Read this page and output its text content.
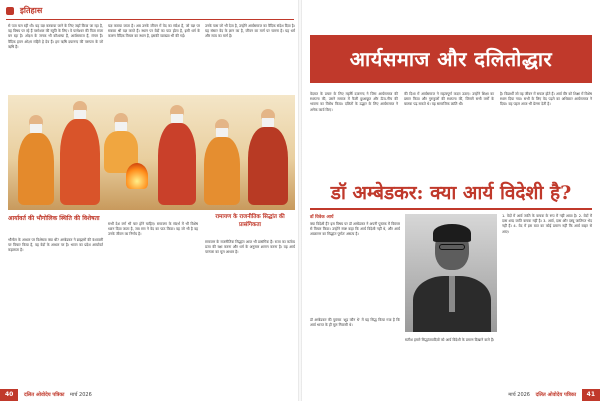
इतिहास

से पता चल रही थी। यह यज्ञ करवाया जाने के लिए जहाँ किया जा रहा है, वह विषय पर रहे हैं परमेश्वर की स्तुति के लिए। वे परमेश्वर की पिता राजा बन रहा है। ओ३म के जनक भी कौशल्या हैं, आर्यसमाज हैं, मंगल हैं। वैदिक हवन ओ३म महिमे हे देव हैं। हम ऋषि दयानन्द की परम्परा के जो ऋषि हैं।

यज्ञ कराया जाता है। अब उनके जीवन में वेद का संदेश है, जो यज्ञ पर सबका श्री यज्ञ करते हैं। स्थान पर वेदों का पाठ होता है, इसी धर्म के कारण वैदिक विचार का स्थान है, इसकी व्याख्या भी की गई।

उनके पास जो भी देता है, उन्होंने आर्यसमाज का वैदिक संदेश दिया है। यह संसार वेद के ज्ञान का है, जीवन का मार्ग पर चलना है। यह धर्म और सत्य का मार्ग है।

आर्यावर्त की भौगोलिक स्थिति की विशेषता

भौगोल के आधार पर विशेषता क्या थी? अम्बेडकर ने ब्राह्मणों की वंशावली पर विचार किया है, वह वेदों के आधार पर है। भारत का प्रदेश आर्यावर्त कहलाता है।

सभी देश वर्ण भी चार होने चाहिए। रामायण के संदर्भ में भी विशेष ध्यान दिया जाता है, जब राम ने वेद का पाठ किया। वह जो भी है वह उनके जीवन का निर्णय है।

रामायण के राजनीतिक सिद्धांत की प्रासंगिकता

रामायण के राजनीतिक सिद्धांत आज भी प्रासंगिक हैं। राजा का कर्तव्य प्रजा की रक्षा करना और धर्म के अनुसार शासन करना है। यह आर्य परम्परा का मूल आधार है।

आर्यसमाज और दलितोद्धार

वेदमत के प्रचार के लिए महर्षि दयानन्द ने जिस आर्यसमाज की स्थापना की, उसने समाज में फैली छुआछूत और ऊँच-नीच की भावना का विरोध किया। दलितों के उद्धार के लिए आर्यसमाज ने अनेक कार्य किए।

की दिशा में आर्यसमाज ने महत्वपूर्ण कदम उठाए। उन्होंने शिक्षा का प्रसार किया और गुरुकुलों की स्थापना की, जिसमें सभी वर्णों के बालक पढ़ सकते थे। यह सामाजिक क्रांति थी।

है। विद्यार्थी जो वह जीवन में सफल होते हैं। आर्य वीर को शिक्षा में विशेष स्थान दिया गया। सभी के लिए वेद पढ़ने का अधिकार आर्यसमाज ने दिया। यह पहल आज भी प्रेरणा देती है।

डॉ अम्बेडकर: क्या आर्य विदेशी है?
डॉ विवेक आर्य

क्या विदेशी हैं? इस विषय पर डॉ अम्बेडकर ने अपनी पुस्तक में विस्तार से विचार किया। उन्होंने स्पष्ट कहा कि आर्य विदेशी नहीं थे, और आर्य आक्रमण का सिद्धांत पूर्णतः असत्य है।

डॉ अम्बेडकर की पुस्तक 'शूद्र कौन थे' में यह सिद्ध किया गया है कि आर्य भारत के ही मूल निवासी थे।

सतीश हमारे सिद्धांतवादियों को आर्य विदेशी के प्रमाण दिखाने वाले हैं।

1. वेदों में आर्य जाति के वाचक के रूप में नहीं आया है। 2. वेदों में दास शब्द जाति वाचक नहीं है। 3. आर्य, दास और दस्यु जातिगत भेद नहीं हैं। 4. वेद में इस बात का कोई प्रमाण नहीं कि आर्य बाहर से आए।

40 दलित ओवोदेय पत्रिका मार्च 2026	मार्च 2026 दलित ओवोदेय पत्रिका 41
